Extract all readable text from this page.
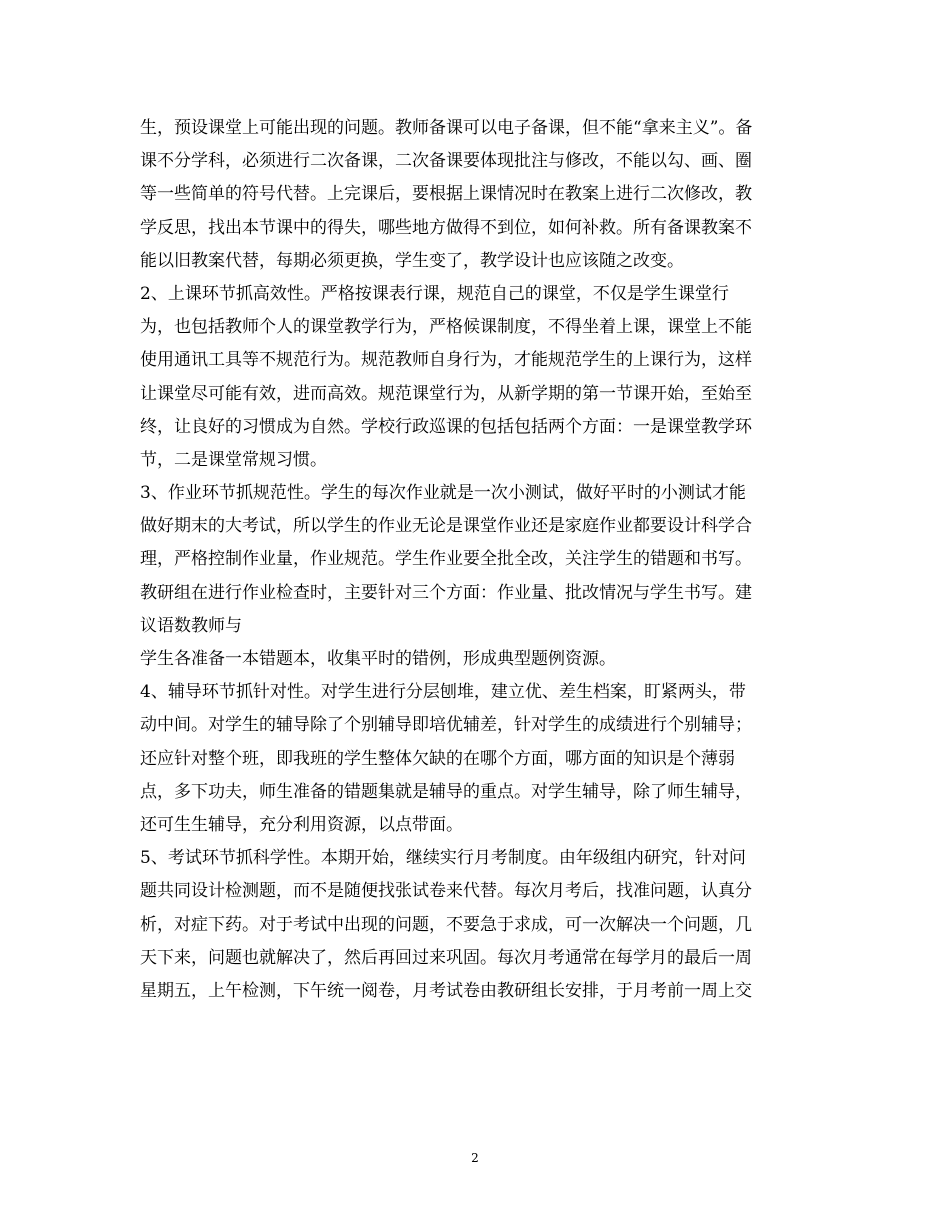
生，预设课堂上可能出现的问题。教师备课可以电子备课，但不能“拿来主义”。备
课不分学科，必须进行二次备课，二次备课要体现批注与修改，不能以勾、画、圈
等一些简单的符号代替。上完课后，要根据上课情况时在教案上进行二次修改，教
学反思，找出本节课中的得失，哪些地方做得不到位，如何补救。所有备课教案不
能以旧教案代替，每期必须更换，学生变了，教学设计也应该随之改变。
2、上课环节抓高效性。严格按课表行课，规范自己的课堂，不仅是学生课堂行
为，也包括教师个人的课堂教学行为，严格候课制度，不得坐着上课，课堂上不能
使用通讯工具等不规范行为。规范教师自身行为，才能规范学生的上课行为，这样
让课堂尽可能有效，进而高效。规范课堂行为，从新学期的第一节课开始，至始至
终，让良好的习惯成为自然。学校行政巡课的包括包括两个方面：一是课堂教学环
节，二是课堂常规习惯。
3、作业环节抓规范性。学生的每次作业就是一次小测试，做好平时的小测试才能
做好期末的大考试，所以学生的作业无论是课堂作业还是家庭作业都要设计科学合
理，严格控制作业量，作业规范。学生作业要全批全改，关注学生的错题和书写。
教研组在进行作业检查时，主要针对三个方面：作业量、批改情况与学生书写。建
议语数教师与
学生各准备一本错题本，收集平时的错例，形成典型题例资源。
4、辅导环节抓针对性。对学生进行分层刨堆，建立优、差生档案，盯紧两头，带
动中间。对学生的辅导除了个别辅导即培优辅差，针对学生的成绩进行个别辅导；
还应针对整个班，即我班的学生整体欠缺的在哪个方面，哪方面的知识是个薄弱
点，多下功夫，师生准备的错题集就是辅导的重点。对学生辅导，除了师生辅导，
还可生生辅导，充分利用资源，以点带面。
5、考试环节抓科学性。本期开始，继续实行月考制度。由年级组内研究，针对问
题共同设计检测题，而不是随便找张试卷来代替。每次月考后，找准问题，认真分
析，对症下药。对于考试中出现的问题，不要急于求成，可一次解决一个问题，几
天下来，问题也就解决了，然后再回过来巩固。每次月考通常在每学月的最后一周
星期五，上午检测，下午统一阅卷，月考试卷由教研组长安排，于月考前一周上交
2
